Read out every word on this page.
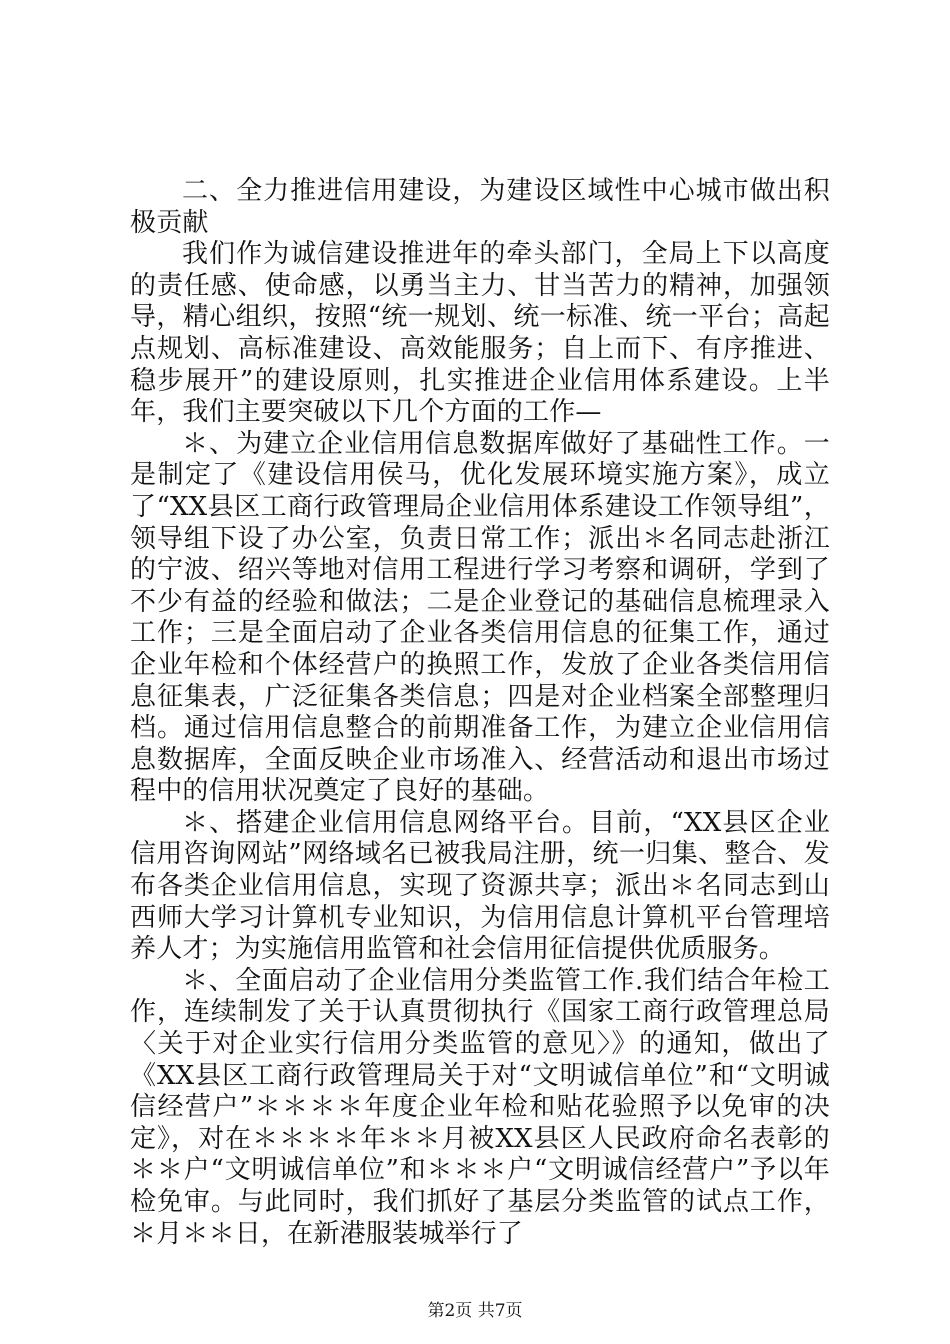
二、全力推进信用建设，为建设区域性中心城市做出积极贡献

我们作为诚信建设推进年的牵头部门，全局上下以高度的责任感、使命感，以勇当主力、甘当苦力的精神，加强领导，精心组织，按照“统一规划、统一标准、统一平台；高起点规划、高标准建设、高效能服务；自上而下、有序推进、稳步展开”的建设原则，扎实推进企业信用体系建设。上半年，我们主要突破以下几个方面的工作—

＊、为建立企业信用信息数据库做好了基础性工作。一是制定了《建设信用侯马，优化发展环境实施方案》，成立了“XX县区工商行政管理局企业信用体系建设工作领导组”，领导组下设了办公室，负责日常工作；派出＊名同志赴浙江的宁波、绍兴等地对信用工程进行学习考察和调研，学到了不少有益的经验和做法；二是企业登记的基础信息梳理录入工作；三是全面启动了企业各类信用信息的征集工作，通过企业年检和个体经营户的换照工作，发放了企业各类信用信息征集表，广泛征集各类信息；四是对企业档案全部整理归档。通过信用信息整合的前期准备工作，为建立企业信用信息数据库，全面反映企业市场准入、经营活动和退出市场过程中的信用状况奠定了良好的基础。

＊、搭建企业信用信息网络平台。目前，“XX县区企业信用咨询网站”网络域名已被我局注册，统一归集、整合、发布各类企业信用信息，实现了资源共享；派出＊名同志到山西师大学习计算机专业知识，为信用信息计算机平台管理培养人才；为实施信用监管和社会信用征信提供优质服务。

＊、全面启动了企业信用分类监管工作.我们结合年检工作，连续制发了关于认真贯彻执行《国家工商行政管理总局〈关于对企业实行信用分类监管的意见〉》的通知，做出了《XX县区工商行政管理局关于对“文明诚信单位”和“文明诚信经营户”＊＊＊＊年度企业年检和贴花验照予以免审的决定》，对在＊＊＊＊年＊＊月被XX县区人民政府命名表彰的＊＊户“文明诚信单位”和＊＊＊户“文明诚信经营户”予以年检免审。与此同时，我们抓好了基层分类监管的试点工作，＊月＊＊日，在新港服装城举行了

第2页 共7页
